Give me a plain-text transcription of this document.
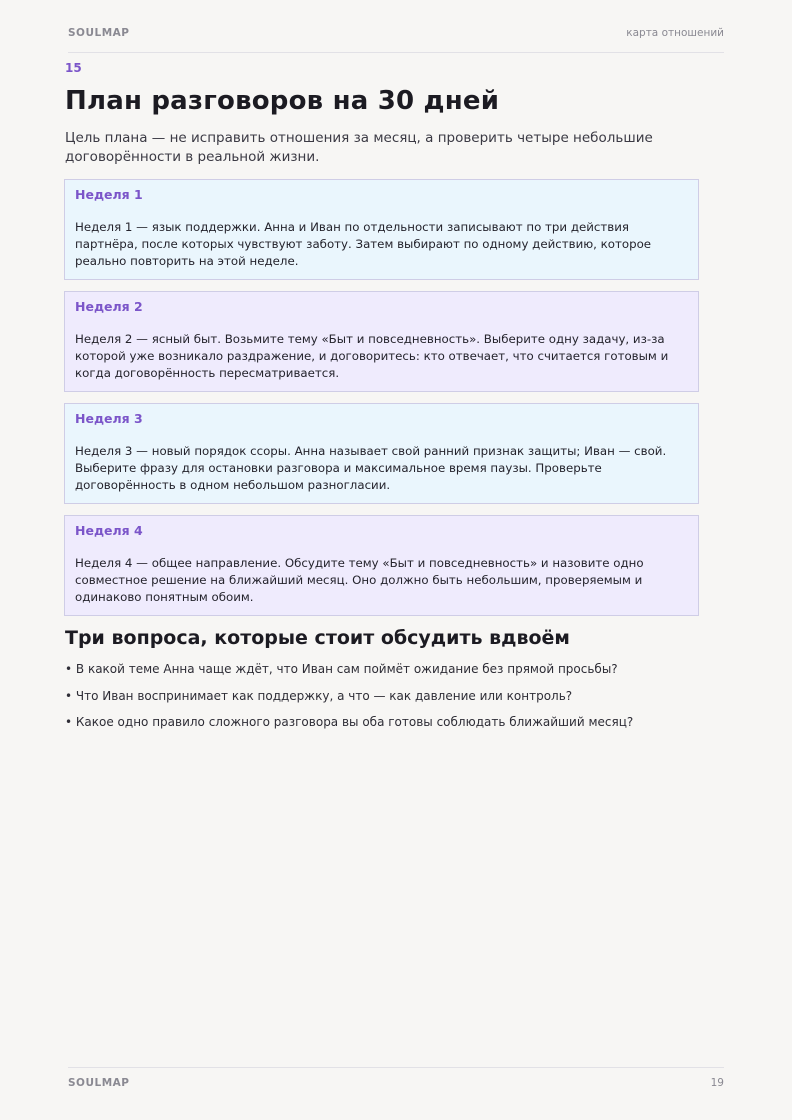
SOULMAP	карта отношений
15
План разговоров на 30 дней

Цель плана — не исправить отношения за месяц, а проверить четыре небольшие договорённости в реальной жизни.

Неделя 1
Неделя 1 — язык поддержки. Анна и Иван по отдельности записывают по три действия партнёра, после которых чувствуют заботу. Затем выбирают по одному действию, которое реально повторить на этой неделе.
Неделя 2
Неделя 2 — ясный быт. Возьмите тему «Быт и повседневность». Выберите одну задачу, из-за которой уже возникало раздражение, и договоритесь: кто отвечает, что считается готовым и когда договорённость пересматривается.
Неделя 3
Неделя 3 — новый порядок ссоры. Анна называет свой ранний признак защиты; Иван — свой. Выберите фразу для остановки разговора и максимальное время паузы. Проверьте договорённость в одном небольшом разногласии.
Неделя 4
Неделя 4 — общее направление. Обсудите тему «Быт и повседневность» и назовите одно совместное решение на ближайший месяц. Оно должно быть небольшим, проверяемым и одинаково понятным обоим.
Три вопроса, которые стоит обсудить вдвоём
• В какой теме Анна чаще ждёт, что Иван сам поймёт ожидание без прямой просьбы?
• Что Иван воспринимает как поддержку, а что — как давление или контроль?
• Какое одно правило сложного разговора вы оба готовы соблюдать ближайший месяц?
SOULMAP	19
